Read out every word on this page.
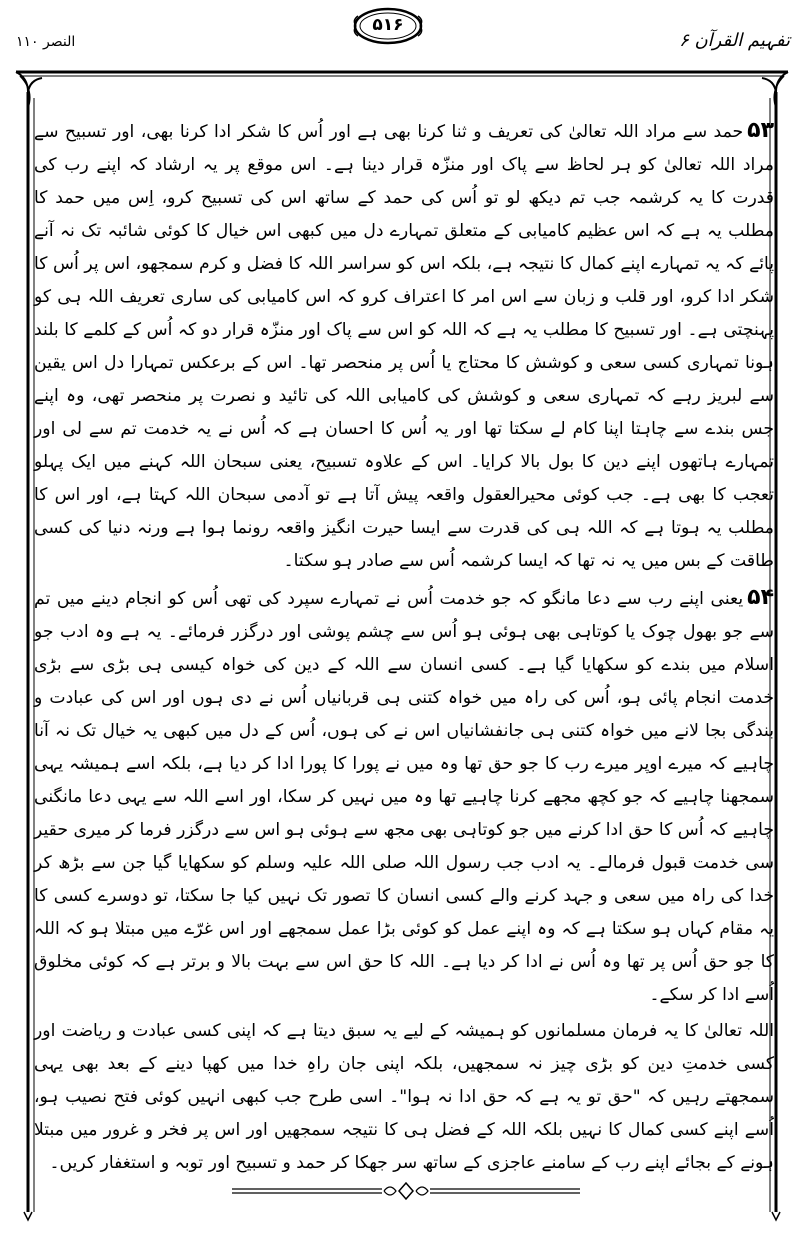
النصر ۱۱۰
۵۱۶
تفہیم القرآن ۶

۵۳حمد سے مراد اللہ تعالیٰ کی تعریف و ثنا کرنا بھی ہے اور اُس کا شکر ادا کرنا بھی، اور تسبیح سے مراد اللہ تعالیٰ کو ہر لحاظ سے پاک اور منزّہ قرار دینا ہے۔ اس موقع پر یہ ارشاد کہ اپنے رب کی قدرت کا یہ کرشمہ جب تم دیکھ لو تو اُس کی حمد کے ساتھ اس کی تسبیح کرو، اِس میں حمد کا مطلب یہ ہے کہ اس عظیم کامیابی کے متعلق تمہارے دل میں کبھی اس خیال کا کوئی شائبہ تک نہ آنے پائے کہ یہ تمہارے اپنے کمال کا نتیجہ ہے، بلکہ اس کو سراسر اللہ کا فضل و کرم سمجھو، اس پر اُس کا شکر ادا کرو، اور قلب و زبان سے اس امر کا اعتراف کرو کہ اس کامیابی کی ساری تعریف اللہ ہی کو پہنچتی ہے۔ اور تسبیح کا مطلب یہ ہے کہ اللہ کو اس سے پاک اور منزّہ قرار دو کہ اُس کے کلمے کا بلند ہونا تمہاری کسی سعی و کوشش کا محتاج یا اُس پر منحصر تھا۔ اس کے برعکس تمہارا دل اس یقین سے لبریز رہے کہ تمہاری سعی و کوشش کی کامیابی اللہ کی تائید و نصرت پر منحصر تھی، وہ اپنے جس بندے سے چاہتا اپنا کام لے سکتا تھا اور یہ اُس کا احسان ہے کہ اُس نے یہ خدمت تم سے لی اور تمہارے ہاتھوں اپنے دین کا بول بالا کرایا۔ اس کے علاوہ تسبیح، یعنی سبحان اللہ کہنے میں ایک پہلو تعجب کا بھی ہے۔ جب کوئی محیرالعقول واقعہ پیش آتا ہے تو آدمی سبحان اللہ کہتا ہے، اور اس کا مطلب یہ ہوتا ہے کہ اللہ ہی کی قدرت سے ایسا حیرت انگیز واقعہ رونما ہوا ہے ورنہ دنیا کی کسی طاقت کے بس میں یہ نہ تھا کہ ایسا کرشمہ اُس سے صادر ہو سکتا۔

۵۴یعنی اپنے رب سے دعا مانگو کہ جو خدمت اُس نے تمہارے سپرد کی تھی اُس کو انجام دینے میں تم سے جو بھول چوک یا کوتاہی بھی ہوئی ہو اُس سے چشم پوشی اور درگزر فرمائے۔ یہ ہے وہ ادب جو اسلام میں بندے کو سکھایا گیا ہے۔ کسی انسان سے اللہ کے دین کی خواہ کیسی ہی بڑی سے بڑی خدمت انجام پائی ہو، اُس کی راہ میں خواہ کتنی ہی قربانیاں اُس نے دی ہوں اور اس کی عبادت و بندگی بجا لانے میں خواہ کتنی ہی جانفشانیاں اس نے کی ہوں، اُس کے دل میں کبھی یہ خیال تک نہ آنا چاہیے کہ میرے اوپر میرے رب کا جو حق تھا وہ میں نے پورا کا پورا ادا کر دیا ہے، بلکہ اسے ہمیشہ یہی سمجھنا چاہیے کہ جو کچھ مجھے کرنا چاہیے تھا وہ میں نہیں کر سکا، اور اسے اللہ سے یہی دعا مانگنی چاہیے کہ اُس کا حق ادا کرنے میں جو کوتاہی بھی مجھ سے ہوئی ہو اس سے درگزر فرما کر میری حقیر سی خدمت قبول فرمالے۔ یہ ادب جب رسول اللہ صلی اللہ علیہ وسلم کو سکھایا گیا جن سے بڑھ کر خدا کی راہ میں سعی و جہد کرنے والے کسی انسان کا تصور تک نہیں کیا جا سکتا، تو دوسرے کسی کا یہ مقام کہاں ہو سکتا ہے کہ وہ اپنے عمل کو کوئی بڑا عمل سمجھے اور اس غرّے میں مبتلا ہو کہ اللہ کا جو حق اُس پر تھا وہ اُس نے ادا کر دیا ہے۔ اللہ کا حق اس سے بہت بالا و برتر ہے کہ کوئی مخلوق اُسے ادا کر سکے۔

اللہ تعالیٰ کا یہ فرمان مسلمانوں کو ہمیشہ کے لیے یہ سبق دیتا ہے کہ اپنی کسی عبادت و ریاضت اور کسی خدمتِ دین کو بڑی چیز نہ سمجھیں، بلکہ اپنی جان راہِ خدا میں کھپا دینے کے بعد بھی یہی سمجھتے رہیں کہ "حق تو یہ ہے کہ حق ادا نہ ہوا"۔ اسی طرح جب کبھی انہیں کوئی فتح نصیب ہو، اُسے اپنے کسی کمال کا نہیں بلکہ اللہ کے فضل ہی کا نتیجہ سمجھیں اور اس پر فخر و غرور میں مبتلا ہونے کے بجائے اپنے رب کے سامنے عاجزی کے ساتھ سر جھکا کر حمد و تسبیح اور توبہ و استغفار کریں۔
